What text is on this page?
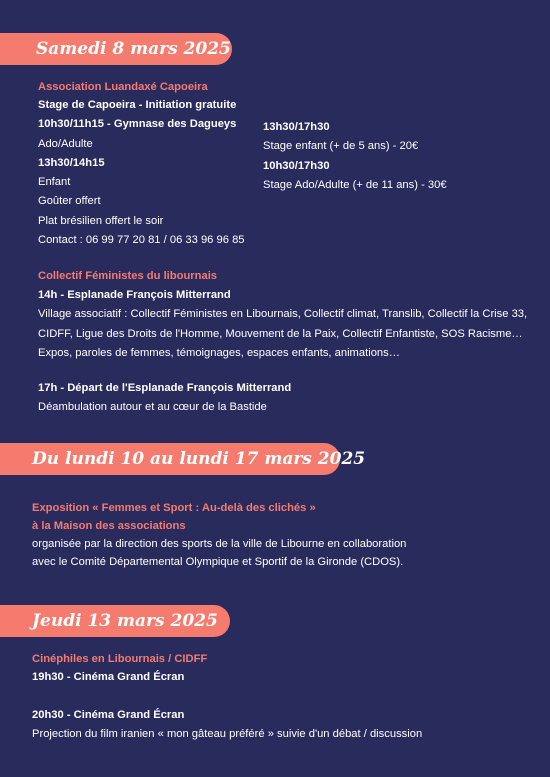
Samedi 8 mars 2025
Association Luandaxé Capoeira
Stage de Capoeira - Initiation gratuite
10h30/11h15 - Gymnase des Dagueys
Ado/Adulte
13h30/14h15
Enfant
Goûter offert
Plat brésilien offert le soir
Contact : 06 99 77 20 81 / 06 33 96 96 85
13h30/17h30
Stage enfant (+ de 5 ans) - 20€
10h30/17h30
Stage Ado/Adulte (+ de 11 ans) - 30€
Collectif Féministes du libournais
14h - Esplanade François Mitterrand
Village associatif : Collectif Féministes en Libournais, Collectif climat, Translib, Collectif la Crise 33,
CIDFF, Ligue des Droits de l'Homme, Mouvement de la Paix, Collectif Enfantiste, SOS Racisme…
Expos, paroles de femmes, témoignages, espaces enfants, animations…
17h - Départ de l'Esplanade François Mitterrand
Déambulation autour et au cœur de la Bastide
Du lundi 10 au lundi 17 mars 2025
Exposition « Femmes et Sport : Au-delà des clichés »
à la Maison des associations
organisée par la direction des sports de la ville de Libourne en collaboration
avec le Comité Départemental Olympique et Sportif de la Gironde (CDOS).
Jeudi 13 mars 2025
Cinéphiles en Libournais / CIDFF
19h30 - Cinéma Grand Écran
20h30 - Cinéma Grand Écran
Projection du film iranien « mon gâteau préféré » suivie d'un débat / discussion
